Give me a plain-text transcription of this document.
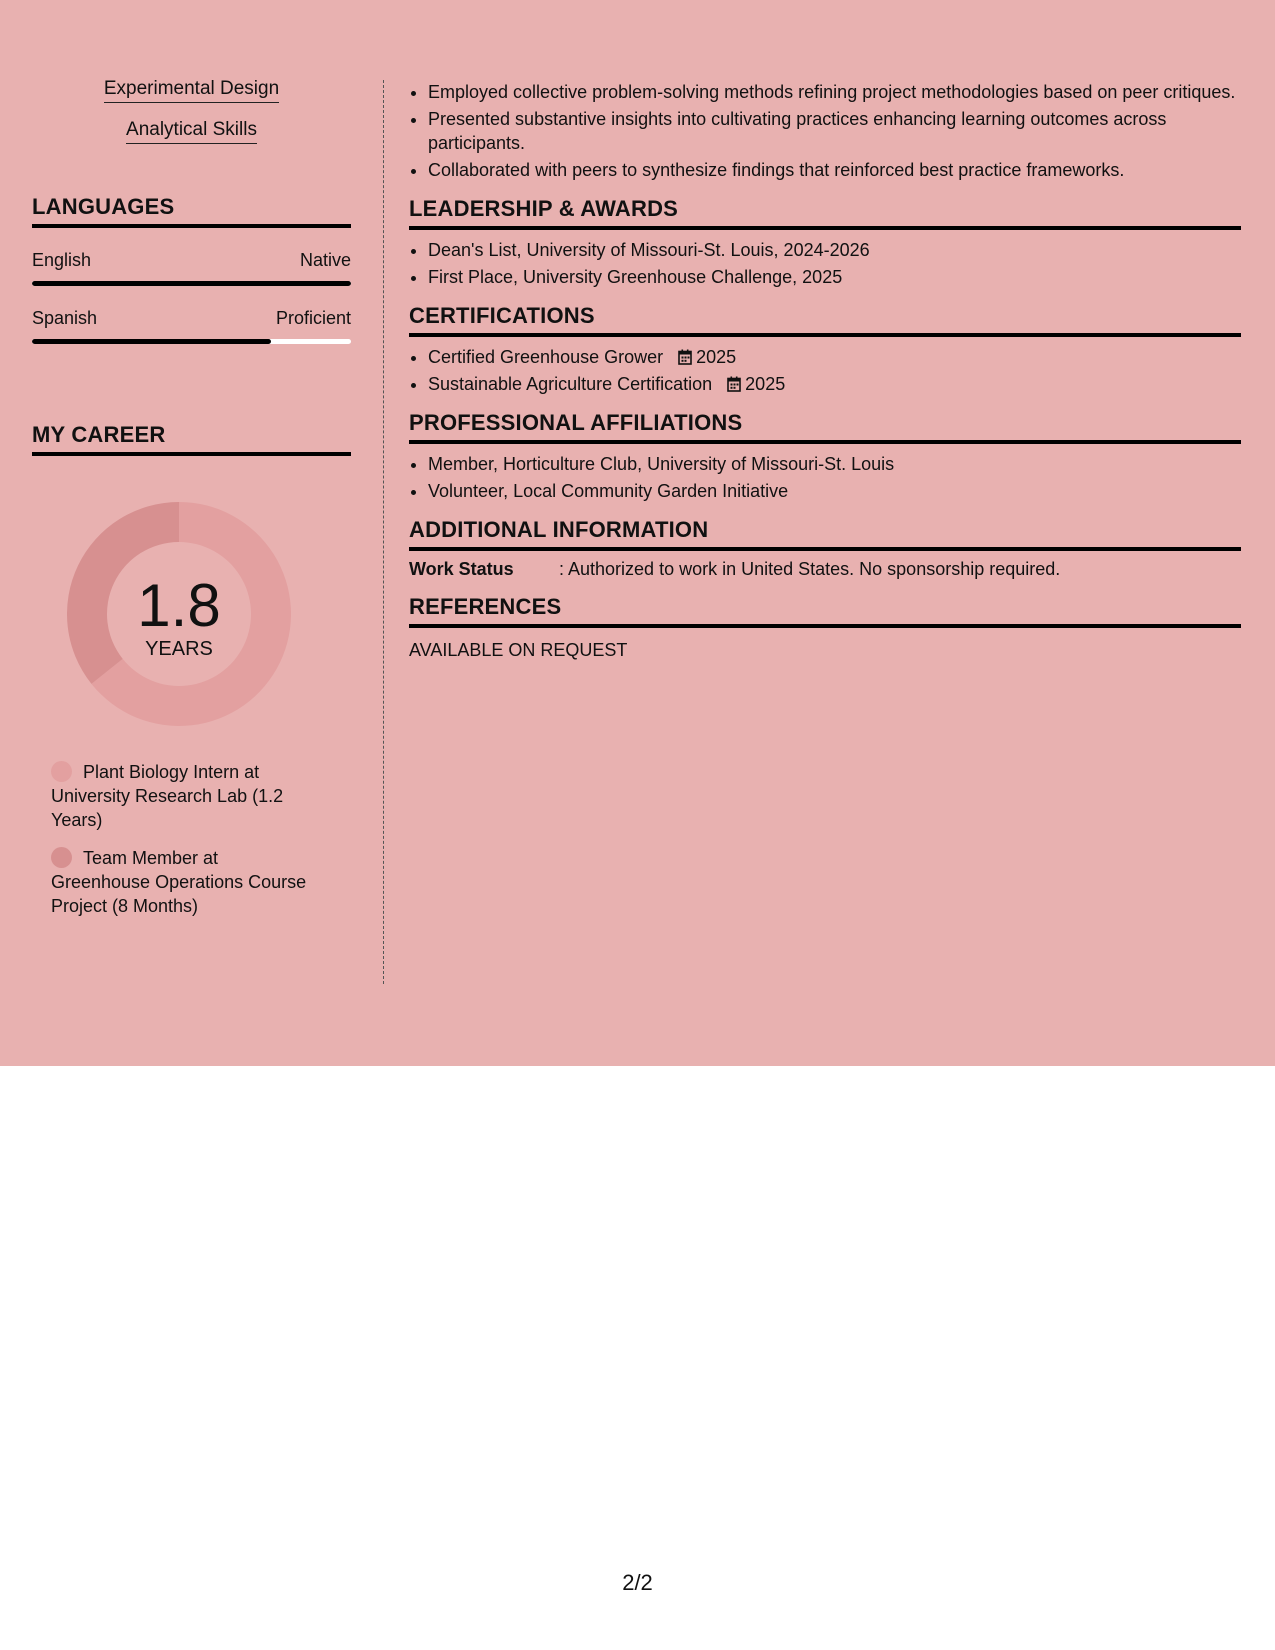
Experimental Design
Analytical Skills
LANGUAGES
English	Native
Spanish	Proficient
MY CAREER
1.8
YEARS
Plant Biology Intern at University Research Lab (1.2 Years)
Team Member at Greenhouse Operations Course Project (8 Months)
• Employed collective problem-solving methods refining project methodologies based on peer critiques.
• Presented substantive insights into cultivating practices enhancing learning outcomes across participants.
• Collaborated with peers to synthesize findings that reinforced best practice frameworks.
LEADERSHIP & AWARDS
• Dean's List, University of Missouri-St. Louis, 2024-2026
• First Place, University Greenhouse Challenge, 2025
CERTIFICATIONS
• Certified Greenhouse Grower 2025
• Sustainable Agriculture Certification 2025
PROFESSIONAL AFFILIATIONS
• Member, Horticulture Club, University of Missouri-St. Louis
• Volunteer, Local Community Garden Initiative
ADDITIONAL INFORMATION
Work Status	: Authorized to work in United States. No sponsorship required.
REFERENCES
AVAILABLE ON REQUEST
2/2
